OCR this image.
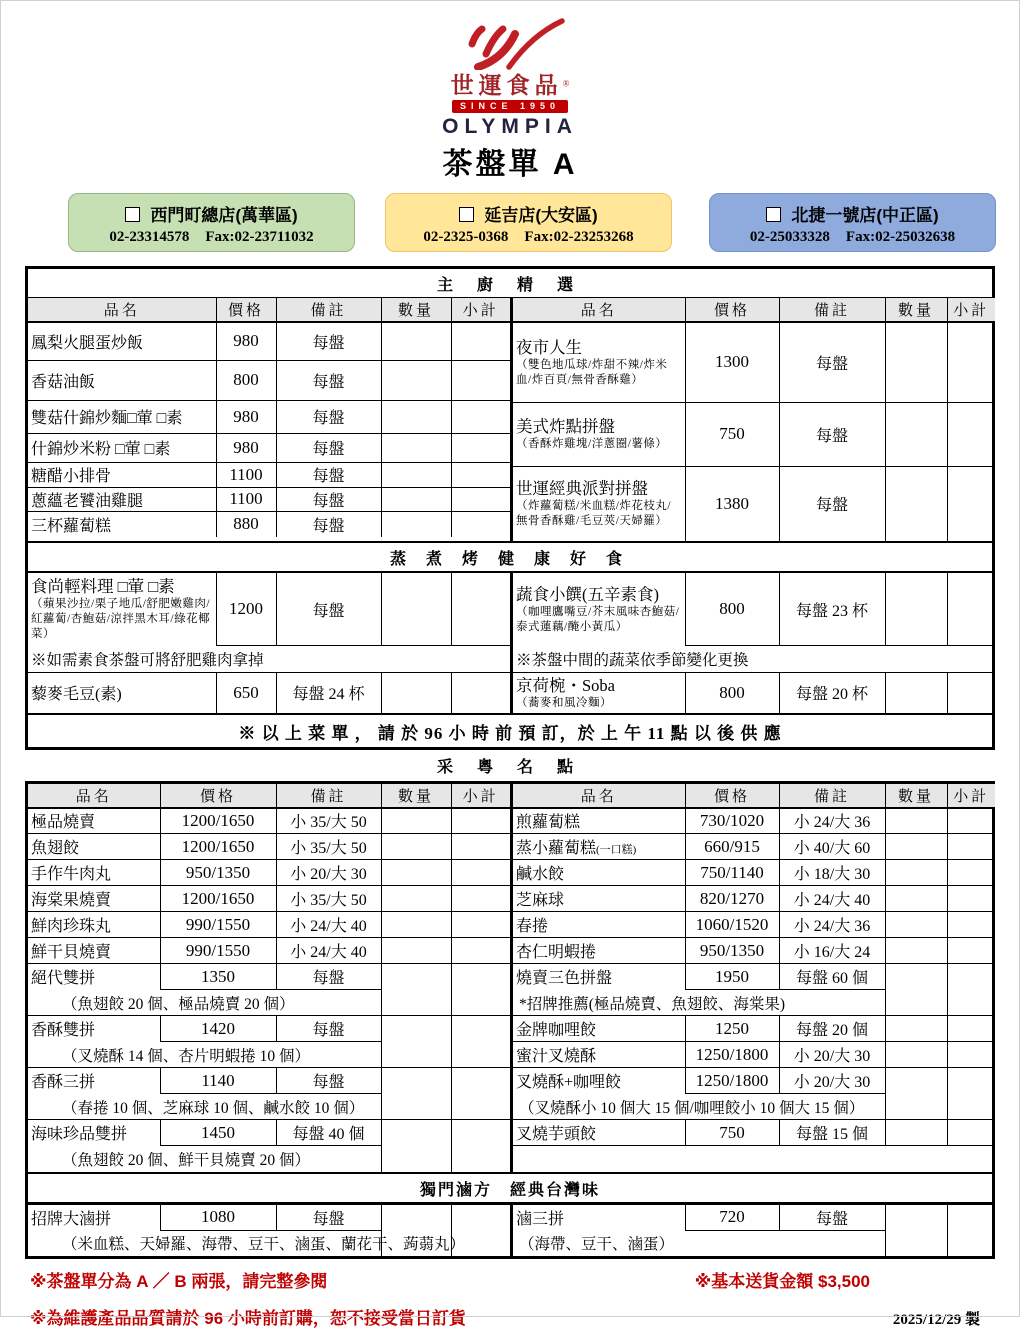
世運食品®
SINCE 1950
OLYMPIA
茶盤單 A
西門町總店(萬華區)
02-23314578 Fax:02-23711032
延吉店(大安區)
02-2325-0368 Fax:02-23253268
北捷一號店(中正區)
02-25033328 Fax:02-25032638
主 廚 精 選
品名	價格	備註	數量	小計
鳳梨火腿蛋炒飯	980	每盤		
香菇油飯	800	每盤		
雙菇什錦炒麵□葷 □素	980	每盤		
什錦炒米粉 □葷 □素	980	每盤		
糖醋小排骨	1100	每盤		
蔥蘊老饕油雞腿	1100	每盤		
三杯蘿蔔糕	880	每盤		
品名	價格	備註	數量	小計

夜市人生
（雙色地瓜球/炸甜不辣/炸米血/炸百頁/無骨香酥雞）	1300	每盤		

美式炸點拼盤
（香酥炸雞塊/洋蔥圈/薯條）	750	每盤		

世運經典派對拼盤
（炸蘿蔔糕/米血糕/炸花枝丸/無骨香酥雞/毛豆莢/天婦羅）	1380	每盤		
蒸 煮 烤 健 康 好 食
食尚輕料理 □葷 □素
（蘋果沙拉/栗子地瓜/舒肥嫩雞肉/紅蘿蔔/杏鮑菇/涼拌黑木耳/綠花椰菜）	1200	每盤		
※如需素食茶盤可將舒肥雞肉拿掉				
藜麥毛豆(素)	650	每盤 24 杯		
蔬食小饌(五辛素食)
（咖哩鷹嘴豆/芥末風味杏鮑菇/泰式蓮藕/醃小黃瓜）	800	每盤 23 杯		
※茶盤中間的蔬菜依季節變化更換				

京荷椀・Soba
（蕎麥和風冷麵）	800	每盤 20 杯		
※ 以 上 菜 單 ， 請 於 96 小 時 前 預 訂，於 上 午 11 點 以 後 供 應
采 粵 名 點
品名	價格	備註	數量	小計
極品燒賣	1200/1650	小 35/大 50		
魚翅餃	1200/1650	小 35/大 50		
手作牛肉丸	950/1350	小 20/大 30		
海棠果燒賣	1200/1650	小 35/大 50		
鮮肉珍珠丸	990/1550	小 24/大 40		
鮮干貝燒賣	990/1550	小 24/大 40		
絕代雙拼	1350	每盤		
（魚翅餃 20 個、極品燒賣 20 個）				
香酥雙拼	1420	每盤		
（叉燒酥 14 個、杏片明蝦捲 10 個）				
香酥三拼	1140	每盤		
（春捲 10 個、芝麻球 10 個、鹹水餃 10 個）				
海味珍品雙拼	1450	每盤 40 個		
（魚翅餃 20 個、鮮干貝燒賣 20 個）				
品名	價格	備註	數量	小計
煎蘿蔔糕	730/1020	小 24/大 36		
蒸小蘿蔔糕(一口糕)	660/915	小 40/大 60		
鹹水餃	750/1140	小 18/大 30		
芝麻球	820/1270	小 24/大 40		
春捲	1060/1520	小 24/大 36		
杏仁明蝦捲	950/1350	小 16/大 24		
燒賣三色拼盤	1950	每盤 60 個		
*招牌推薦(極品燒賣、魚翅餃、海棠果)				
金牌咖哩餃	1250	每盤 20 個		
蜜汁叉燒酥	1250/1800	小 20/大 30		
叉燒酥+咖哩餃	1250/1800	小 20/大 30		
（叉燒酥小 10 個大 15 個/咖哩餃小 10 個大 15 個）				
叉燒芋頭餃	750	每盤 15 個		

獨門滷方　經典台灣味
招牌大滷拼	1080	每盤		
（米血糕、天婦羅、海帶、豆干、滷蛋、蘭花干、蒟蒻丸）
滷三拼	720	每盤		
（海帶、豆干、滷蛋）
※茶盤單分為 A ／ B 兩張，請完整參閱	※基本送貨金額 $3,500
※為維護產品品質請於 96 小時前訂購，恕不接受當日訂貨	2025/12/29 製
